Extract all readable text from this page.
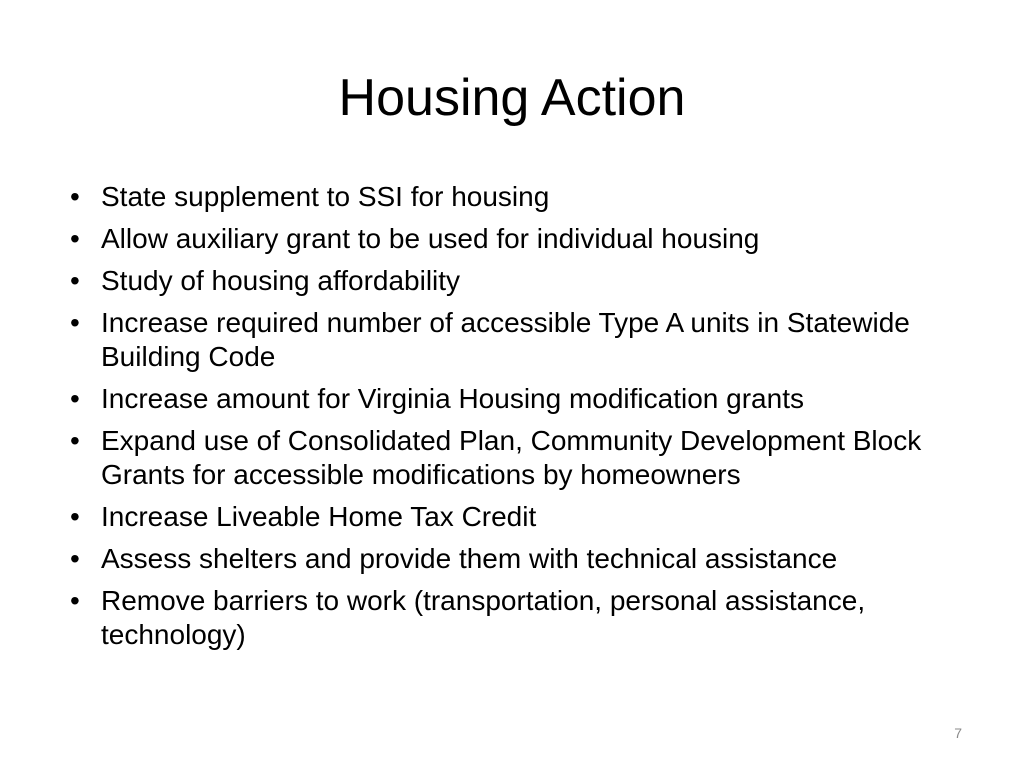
Housing Action
• State supplement to SSI for housing
• Allow auxiliary grant to be used for individual housing
• Study of housing affordability
• Increase required number of accessible Type A units in Statewide Building Code
• Increase amount for Virginia Housing modification grants
• Expand use of Consolidated Plan, Community Development Block Grants for accessible modifications by homeowners
• Increase Liveable Home Tax Credit
• Assess shelters and provide them with technical assistance
• Remove barriers to work (transportation, personal assistance, technology)
7
